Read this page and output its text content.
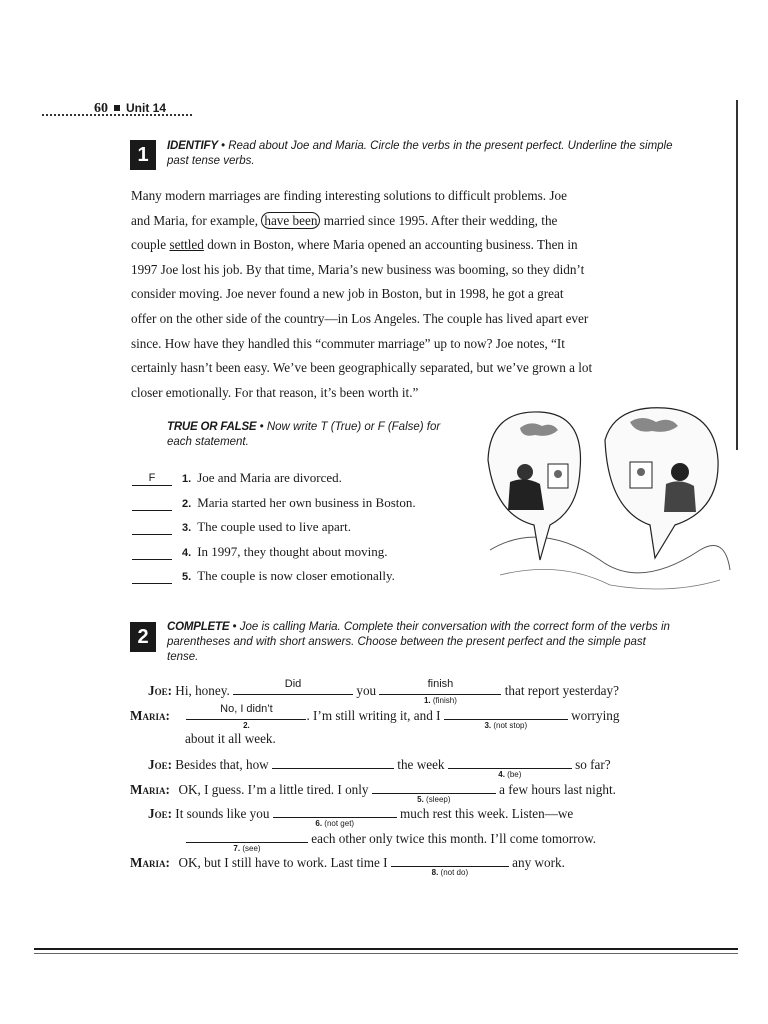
60 Unit 14
1	IDENTIFY • Read about Joe and Maria. Circle the verbs in the present perfect. Underline the simple past tense verbs.
Many modern marriages are finding interesting solutions to difficult problems. Joe
and Maria, for example, have been married since 1995. After their wedding, the
couple settled down in Boston, where Maria opened an accounting business. Then in
1997 Joe lost his job. By that time, Maria’s new business was booming, so they didn’t
consider moving. Joe never found a new job in Boston, but in 1998, he got a great
offer on the other side of the country—in Los Angeles. The couple has lived apart ever
since. How have they handled this “commuter marriage” up to now? Joe notes, “It
certainly hasn’t been easy. We’ve been geographically separated, but we’ve grown a lot
closer emotionally. For that reason, it’s been worth it.”
TRUE OR FALSE • Now write T (True) or F (False) for each statement.
F 1. Joe and Maria are divorced.
2. Maria started her own business in Boston.
3. The couple used to live apart.
4. In 1997, they thought about moving.
5. The couple is now closer emotionally.
2	COMPLETE • Joe is calling Maria. Complete their conversation with the correct form of the verbs in parentheses and with short answers. Choose between the present perfect and the simple past tense.
Joe: Hi, honey.	Did	you	finish
1. (finish)
that report yesterday?
Maria:	No, I didn’t
2.
. I’m still writing it, and I
3. (not stop)
worrying
about it all week.
Joe: Besides that, how	the week
4. (be)
so far?
Maria: OK, I guess. I’m a little tired. I only
5. (sleep)
a few hours last night.
Joe: It sounds like you
6. (not get)
much rest this week. Listen—we
7. (see)
each other only twice this month. I’ll come tomorrow.
Maria: OK, but I still have to work. Last time I
8. (not do)
any work.
